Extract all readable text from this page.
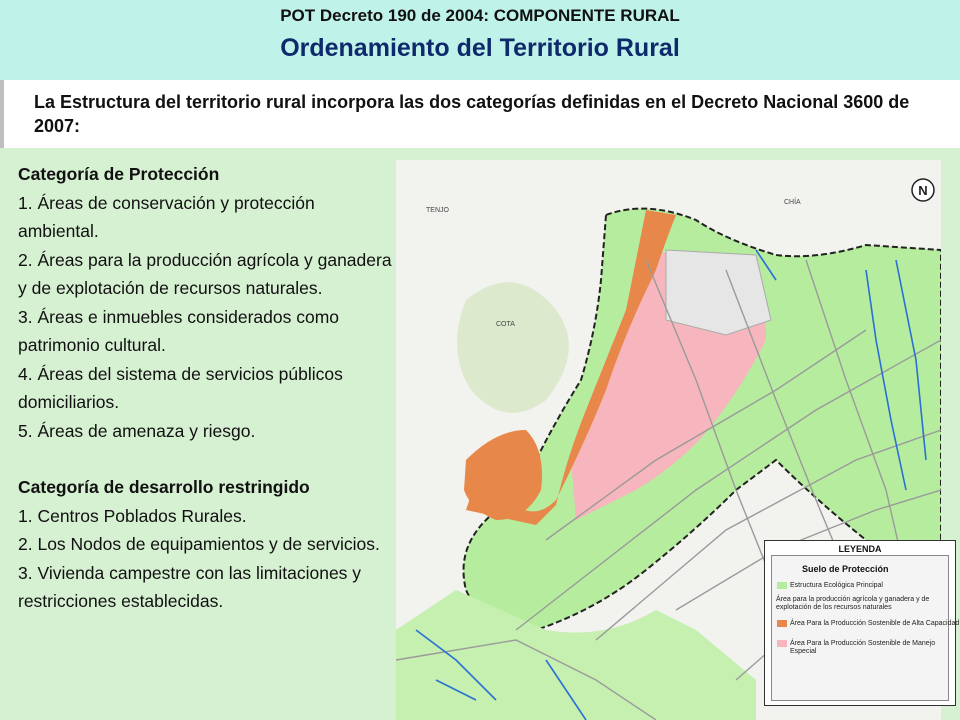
POT Decreto 190 de 2004: COMPONENTE RURAL
Ordenamiento del Territorio Rural

La Estructura del territorio rural incorpora las dos categorías definidas en el Decreto Nacional 3600 de 2007:

Categoría de Protección
1. Áreas de conservación y protección ambiental.
2. Áreas para la producción agrícola y ganadera y de explotación de recursos naturales.
3. Áreas e inmuebles considerados como patrimonio cultural.
4. Áreas del sistema de servicios públicos domiciliarios.
5. Áreas de amenaza y riesgo.
Categoría de desarrollo restringido
1. Centros Poblados Rurales.
2. Los Nodos de equipamientos y de servicios.
3. Vivienda campestre con las limitaciones y restricciones establecidas.
TENJO
COTA
CHÍA
N
LEYENDA
Suelo de Protección
Estructura Ecológica Principal
Área para la producción agrícola y ganadera y de explotación de los recursos naturales
Área Para la Producción Sostenible de Alta Capacidad
Área Para la Producción Sostenible de Manejo Especial
